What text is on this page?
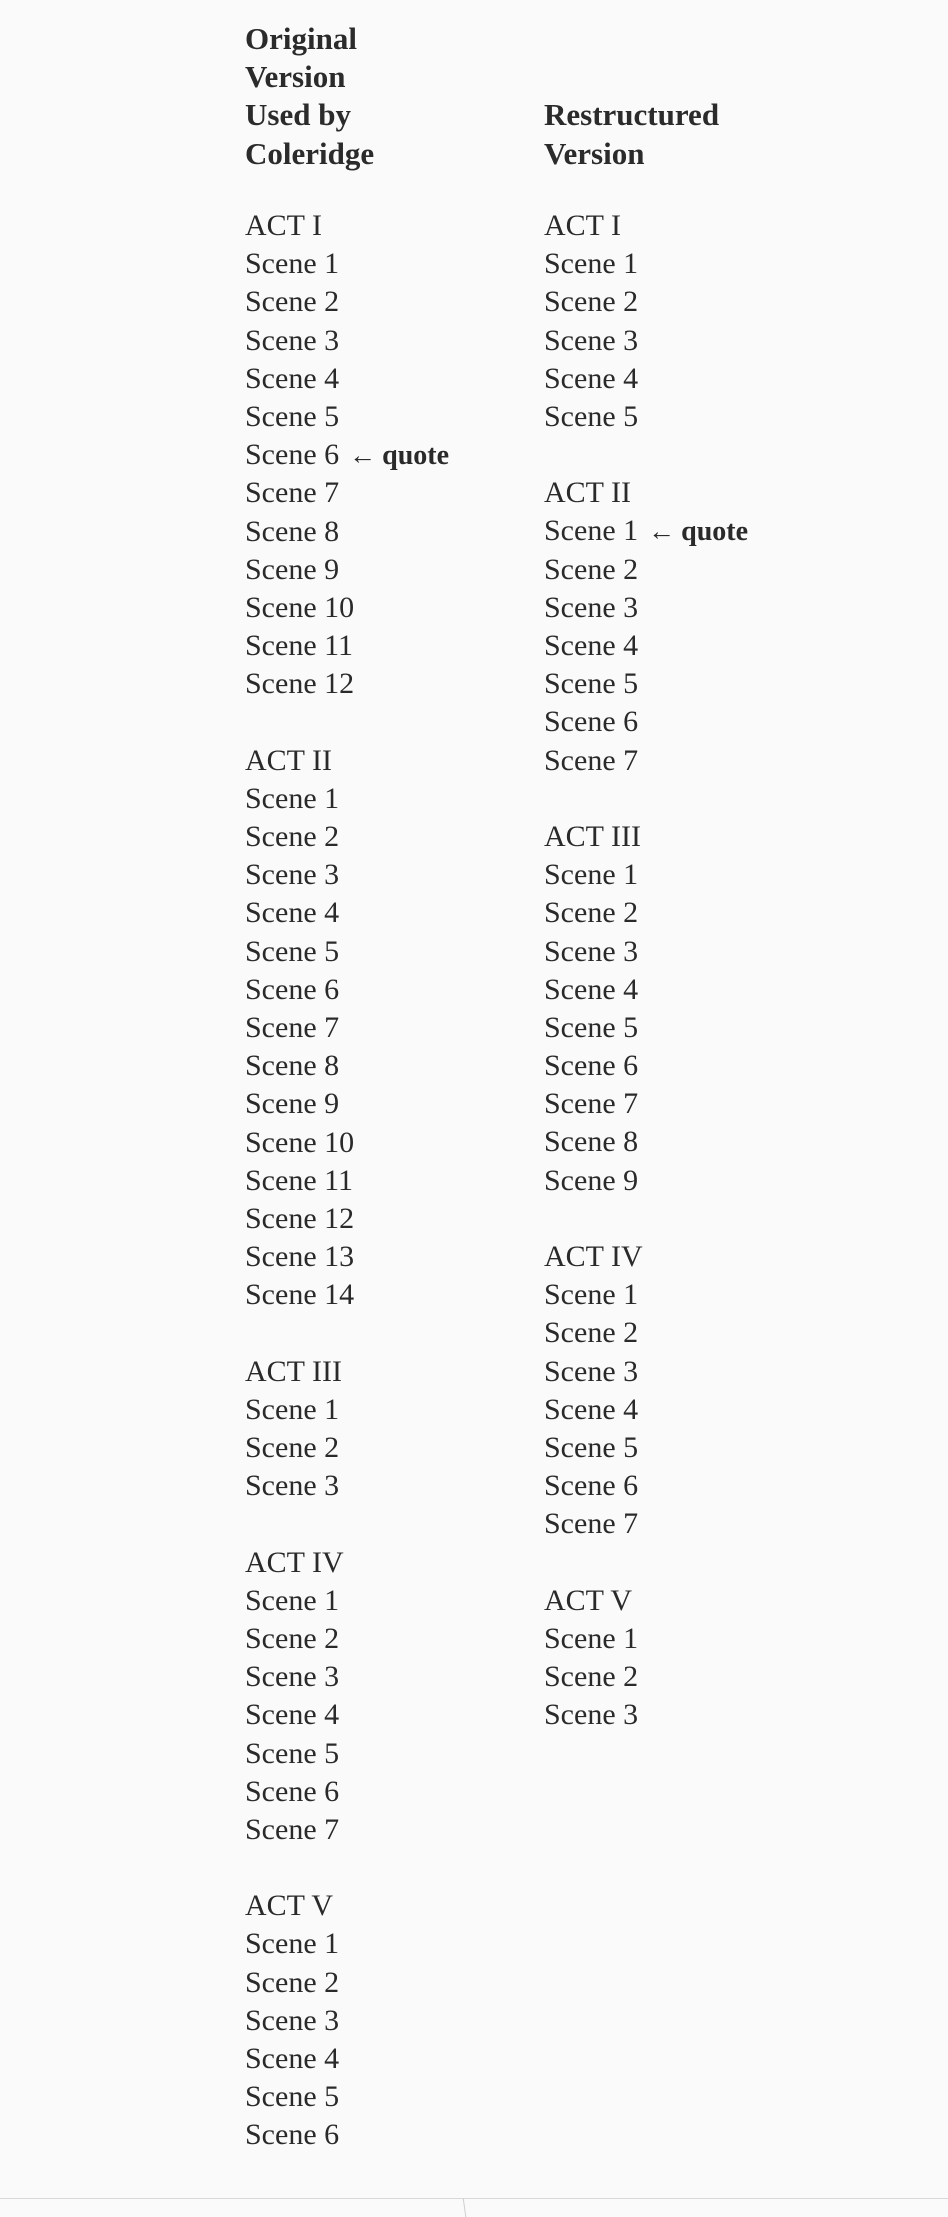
Original
Version
Used by
Coleridge
ACT I
Scene 1
Scene 2
Scene 3
Scene 4
Scene 5
Scene 6 ← quote
Scene 7
Scene 8
Scene 9
Scene 10
Scene 11
Scene 12
ACT II
Scene 1
Scene 2
Scene 3
Scene 4
Scene 5
Scene 6
Scene 7
Scene 8
Scene 9
Scene 10
Scene 11
Scene 12
Scene 13
Scene 14
ACT III
Scene 1
Scene 2
Scene 3
ACT IV
Scene 1
Scene 2
Scene 3
Scene 4
Scene 5
Scene 6
Scene 7
ACT V
Scene 1
Scene 2
Scene 3
Scene 4
Scene 5
Scene 6
Restructured
Version
ACT I
Scene 1
Scene 2
Scene 3
Scene 4
Scene 5
ACT II
Scene 1 ← quote
Scene 2
Scene 3
Scene 4
Scene 5
Scene 6
Scene 7
ACT III
Scene 1
Scene 2
Scene 3
Scene 4
Scene 5
Scene 6
Scene 7
Scene 8
Scene 9
ACT IV
Scene 1
Scene 2
Scene 3
Scene 4
Scene 5
Scene 6
Scene 7
ACT V
Scene 1
Scene 2
Scene 3
